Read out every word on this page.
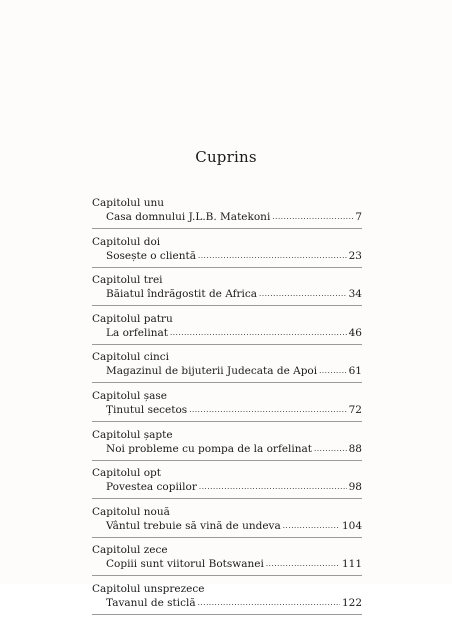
Cuprins
Capitolul unu
Casa domnului J.L.B. Matekoni .....	7
Capitolul doi
Sosește o clientă .....	23
Capitolul trei
Băiatul îndrăgostit de Africa .....	34
Capitolul patru
La orfelinat .....	46
Capitolul cinci
Magazinul de bijuterii Judecata de Apoi .....	61
Capitolul șase
Ținutul secetos .....	72
Capitolul șapte
Noi probleme cu pompa de la orfelinat .....	88
Capitolul opt
Povestea copiilor .....	98
Capitolul nouă
Vântul trebuie să vină de undeva .....	104
Capitolul zece
Copiii sunt viitorul Botswanei .....	111
Capitolul unsprezece
Tavanul de sticlă .....	122
